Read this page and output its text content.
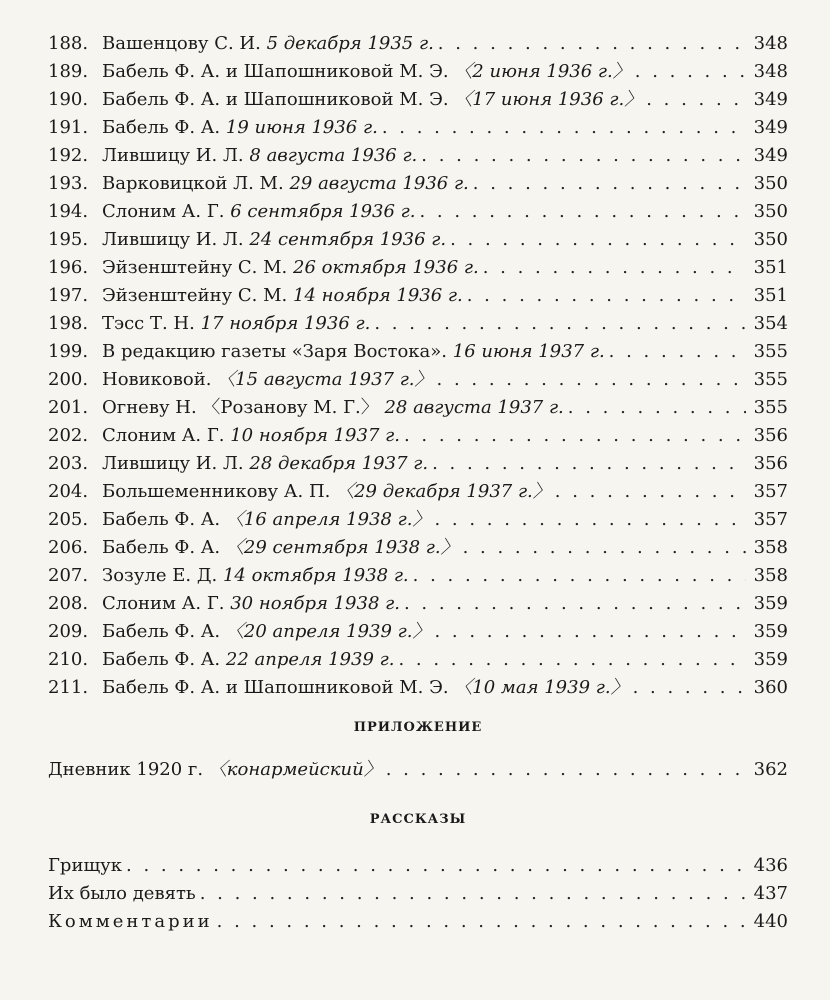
188. Вашенцову С. И. 5 декабря 1935 г. . . .	348
189. Бабель Ф. А. и Шапошниковой М. Э. 〈2 июня 1936 г.〉 . . .	348
190. Бабель Ф. А. и Шапошниковой М. Э. 〈17 июня 1936 г.〉 . . .	349
191. Бабель Ф. А. 19 июня 1936 г. . . .	349
192. Лившицу И. Л. 8 августа 1936 г. . . .	349
193. Варковицкой Л. М. 29 августа 1936 г. . . .	350
194. Слоним А. Г. 6 сентября 1936 г. . . .	350
195. Лившицу И. Л. 24 сентября 1936 г. . . .	350
196. Эйзенштейну С. М. 26 октября 1936 г. . . .	351
197. Эйзенштейну С. М. 14 ноября 1936 г. . . .	351
198. Тэсс Т. Н. 17 ноября 1936 г. . . .	354
199. В редакцию газеты «Заря Востока». 16 июня 1937 г. . . .	355
200. Новиковой. 〈15 августа 1937 г.〉 . . .	355
201. Огневу Н. 〈Розанову М. Г.〉 28 августа 1937 г. . . .	355
202. Слоним А. Г. 10 ноября 1937 г. . . .	356
203. Лившицу И. Л. 28 декабря 1937 г. . . .	356
204. Большеменникову А. П. 〈29 декабря 1937 г.〉 . . .	357
205. Бабель Ф. А. 〈16 апреля 1938 г.〉 . . .	357
206. Бабель Ф. А. 〈29 сентября 1938 г.〉 . . .	358
207. Зозуле Е. Д. 14 октября 1938 г. . . .	358
208. Слоним А. Г. 30 ноября 1938 г. . . .	359
209. Бабель Ф. А. 〈20 апреля 1939 г.〉 . . .	359
210. Бабель Ф. А. 22 апреля 1939 г. . . .	359
211. Бабель Ф. А. и Шапошниковой М. Э. 〈10 мая 1939 г.〉 . . .	360
ПРИЛОЖЕНИЕ
Дневник 1920 г. 〈конармейский〉 . . .	362
РАССКАЗЫ
Грищук . . .	436
Их было девять . . .	437
Комментарии . . .	440
